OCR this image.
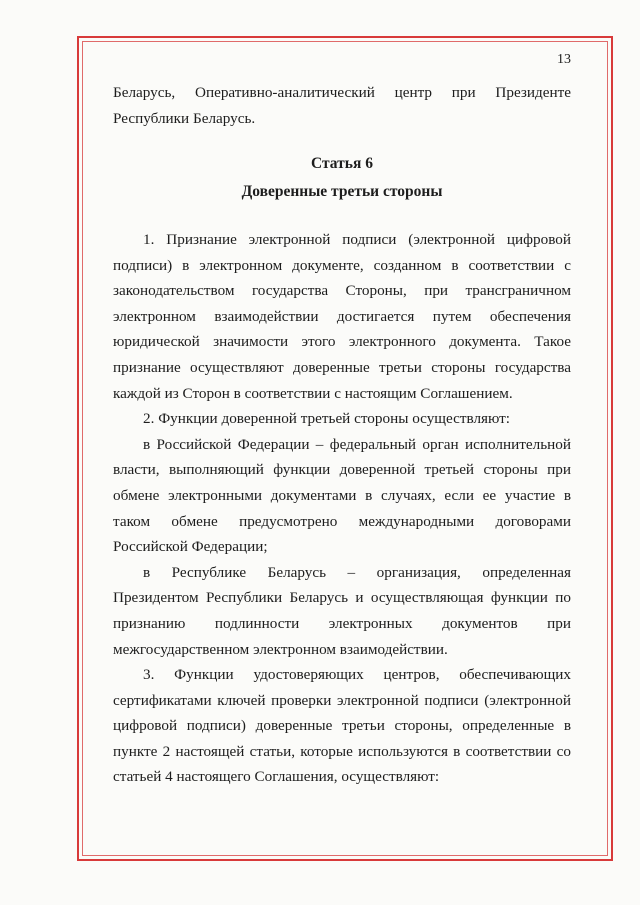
13
Беларусь, Оперативно-аналитический центр при Президенте Республики Беларусь.
Статья 6
Доверенные третьи стороны

1. Признание электронной подписи (электронной цифровой подписи) в электронном документе, созданном в соответствии с законодательством государства Стороны, при трансграничном электронном взаимодействии достигается путем обеспечения юридической значимости этого электронного документа. Такое признание осуществляют доверенные третьи стороны государства каждой из Сторон в соответствии с настоящим Соглашением.

2. Функции доверенной третьей стороны осуществляют:

в Российской Федерации – федеральный орган исполнительной власти, выполняющий функции доверенной третьей стороны при обмене электронными документами в случаях, если ее участие в таком обмене предусмотрено международными договорами Российской Федерации;

в Республике Беларусь – организация, определенная Президентом Республики Беларусь и осуществляющая функции по признанию подлинности электронных документов при межгосударственном электронном взаимодействии.

3. Функции удостоверяющих центров, обеспечивающих сертификатами ключей проверки электронной подписи (электронной цифровой подписи) доверенные третьи стороны, определенные в пункте 2 настоящей статьи, которые используются в соответствии со статьей 4 настоящего Соглашения, осуществляют:
